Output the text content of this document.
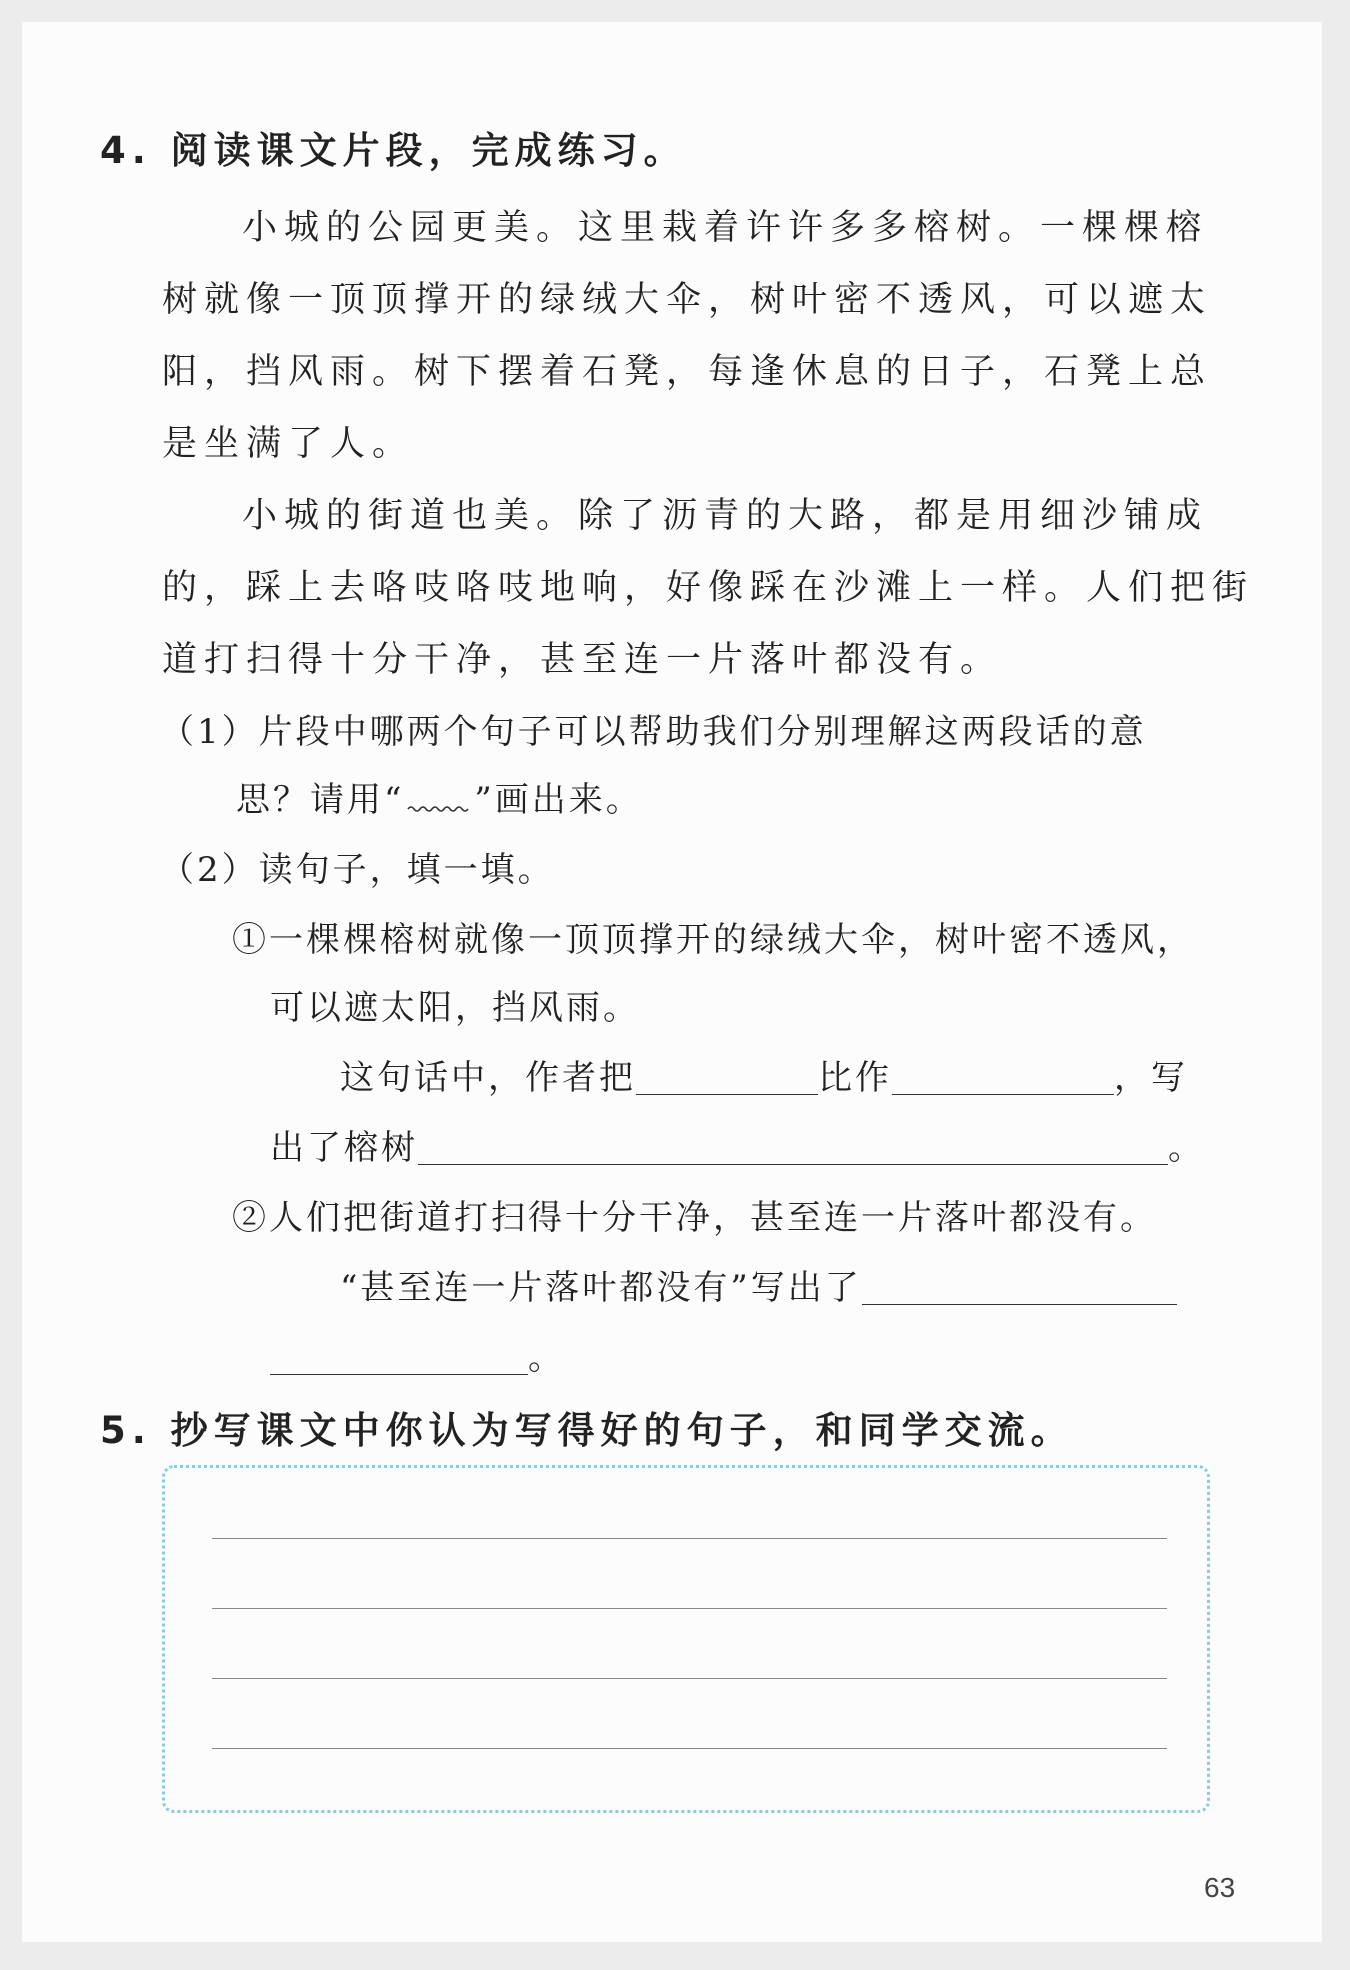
4. 阅读课文片段，完成练习。
小城的公园更美。这里栽着许许多多榕树。一棵棵榕
树就像一顶顶撑开的绿绒大伞，树叶密不透风，可以遮太
阳，挡风雨。树下摆着石凳，每逢休息的日子，石凳上总
是坐满了人。
小城的街道也美。除了沥青的大路，都是用细沙铺成
的，踩上去咯吱咯吱地响，好像踩在沙滩上一样。人们把街
道打扫得十分干净，甚至连一片落叶都没有。
（1）片段中哪两个句子可以帮助我们分别理解这两段话的意
思？请用“ ”画出来。
（2）读句子，填一填。
①一棵棵榕树就像一顶顶撑开的绿绒大伞，树叶密不透风，
可以遮太阳，挡风雨。
这句话中，作者把	比作	，写
出了榕树	。
②人们把街道打扫得十分干净，甚至连一片落叶都没有。
“甚至连一片落叶都没有”写出了
。
5. 抄写课文中你认为写得好的句子，和同学交流。
63
